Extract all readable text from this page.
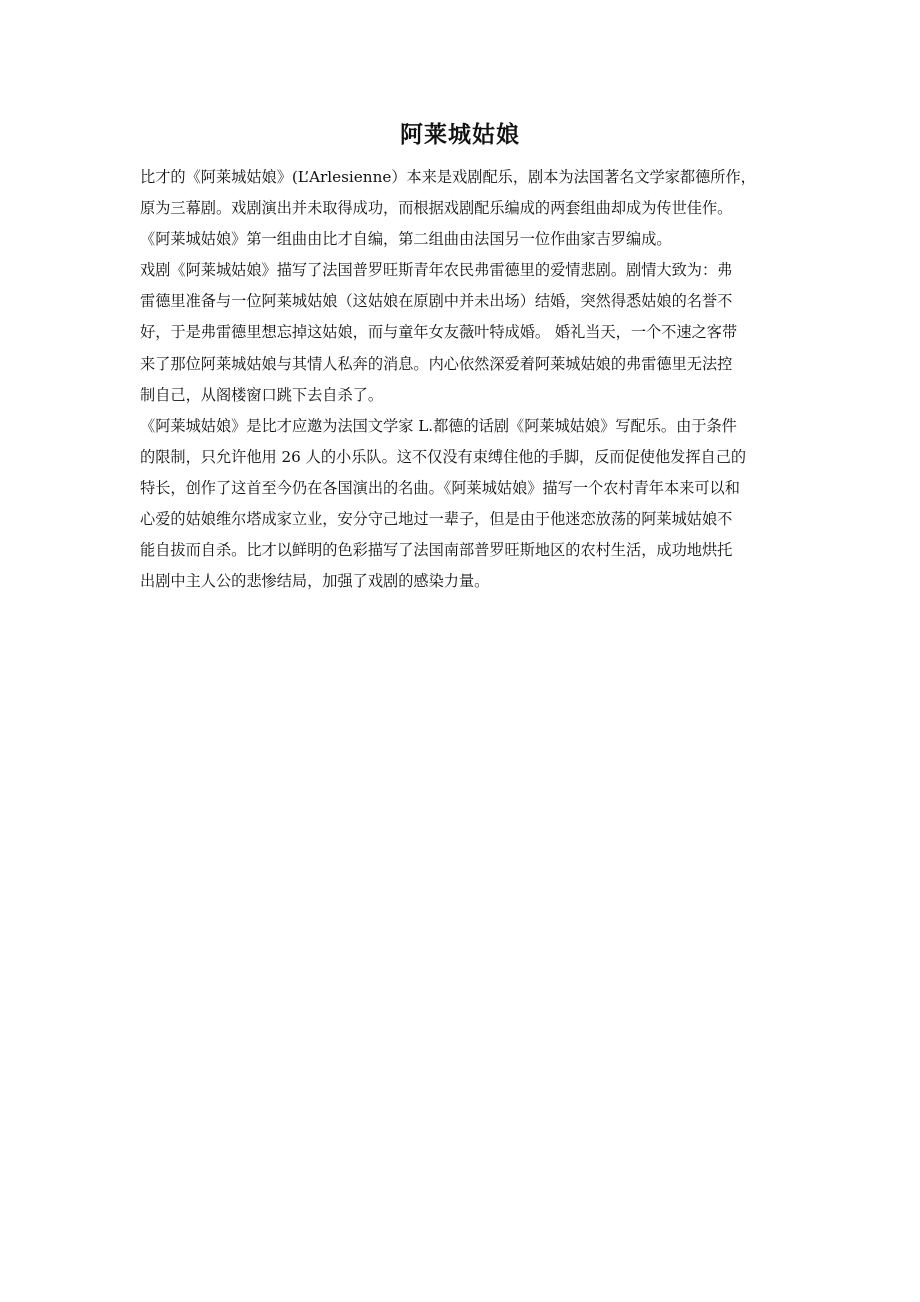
阿莱城姑娘
比才的《阿莱城姑娘》(L’Arlesienne）本来是戏剧配乐，剧本为法国著名文学家都德所作，
原为三幕剧。戏剧演出并未取得成功，而根据戏剧配乐编成的两套组曲却成为传世佳作。
《阿莱城姑娘》第一组曲由比才自编，第二组曲由法国另一位作曲家吉罗编成。
戏剧《阿莱城姑娘》描写了法国普罗旺斯青年农民弗雷德里的爱情悲剧。剧情大致为：弗
雷德里准备与一位阿莱城姑娘（这姑娘在原剧中并未出场）结婚，突然得悉姑娘的名誉不
好，于是弗雷德里想忘掉这姑娘，而与童年女友薇叶特成婚。 婚礼当天，一个不速之客带
来了那位阿莱城姑娘与其情人私奔的消息。内心依然深爱着阿莱城姑娘的弗雷德里无法控
制自己，从阁楼窗口跳下去自杀了。
《阿莱城姑娘》是比才应邀为法国文学家 L.都德的话剧《阿莱城姑娘》写配乐。由于条件
的限制，只允许他用 26 人的小乐队。这不仅没有束缚住他的手脚，反而促使他发挥自己的
特长，创作了这首至今仍在各国演出的名曲。《阿莱城姑娘》描写一个农村青年本来可以和
心爱的姑娘维尔塔成家立业，安分守己地过一辈子，但是由于他迷恋放荡的阿莱城姑娘不
能自拔而自杀。比才以鲜明的色彩描写了法国南部普罗旺斯地区的农村生活，成功地烘托
出剧中主人公的悲惨结局，加强了戏剧的感染力量。
